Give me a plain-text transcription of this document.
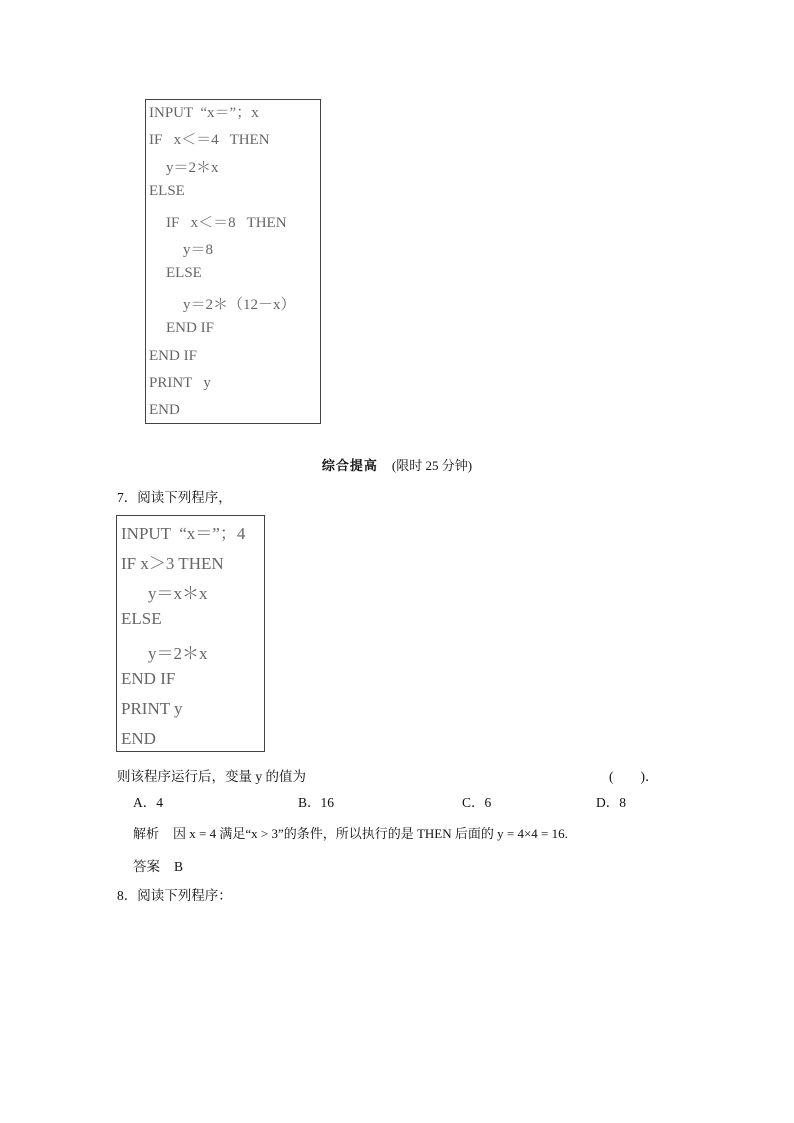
INPUT  “x＝”；x
IF   x＜＝4   THEN
y＝2＊x
ELSE
IF   x＜＝8   THEN
y＝8
ELSE
y＝2＊（12－x）
END IF
END IF
PRINT   y
END
综合提高 (限时 25 分钟)
7．阅读下列程序，
INPUT  “x＝”；4
IF x＞3 THEN
y＝x＊x
ELSE
y＝2＊x
END IF
PRINT y
END
则该程序运行后，变量 y 的值为	(　　)．
A．4	B．16	C．6	D．8
解析 因 x = 4 满足“x > 3”的条件，所以执行的是 THEN 后面的 y = 4×4 = 16.
答案 B
8．阅读下列程序：
